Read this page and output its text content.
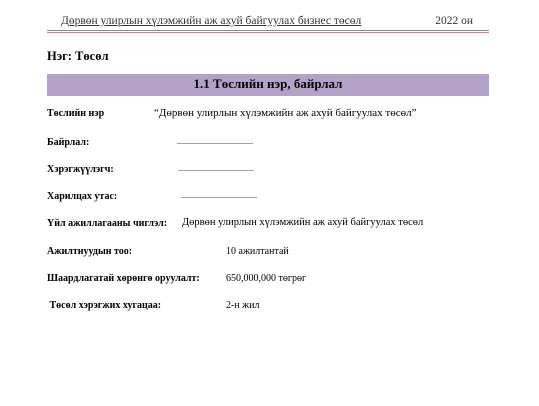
Дөрвөн улирлын хүлэмжийн аж ахуй байгуулах бизнес төсөл	2022 он
Нэг: Төсөл
1.1 Төслийн нэр, байрлал
Төслийн нэр	“Дөрвөн улирлын хүлэмжийн аж ахуй байгуулах төсөл”
Байрлал:	......................................
Хэрэгжүүлэгч:	......................................
Харилцах утас:	......................................
Үйл ажиллагааны чиглэл: Дөрвөн улирлын хүлэмжийн аж ахуй байгуулах төсөл
Ажилтнуудын тоо:	10 ажилтантай
Шаардлагатай хөрөнгө оруулалт:	650,000,000 төгрөг
Төсөл хэрэгжих хугацаа:	2-н жил
